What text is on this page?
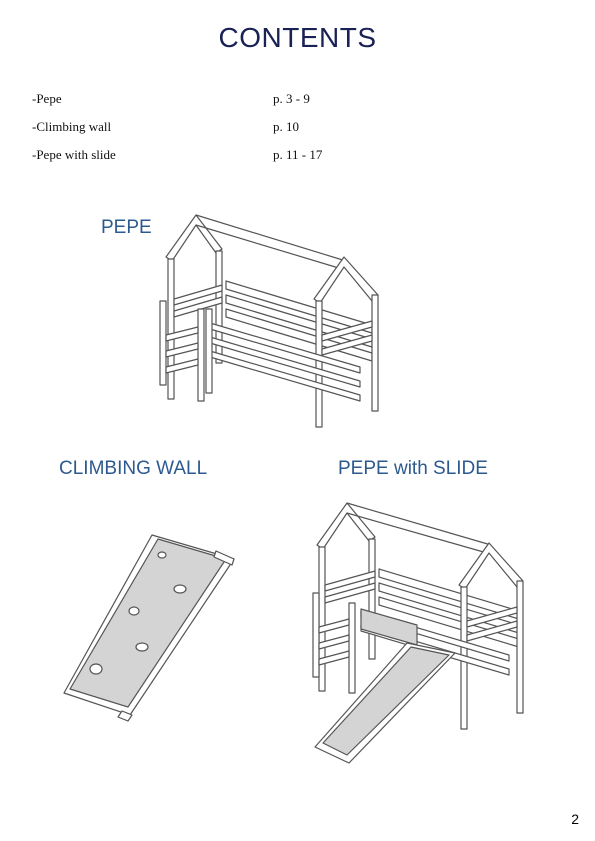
CONTENTS
-Pepe	p. 3 - 9
-Climbing wall	p. 10
-Pepe with slide	p. 11 - 17
PEPE
CLIMBING WALL	PEPE with SLIDE
2
